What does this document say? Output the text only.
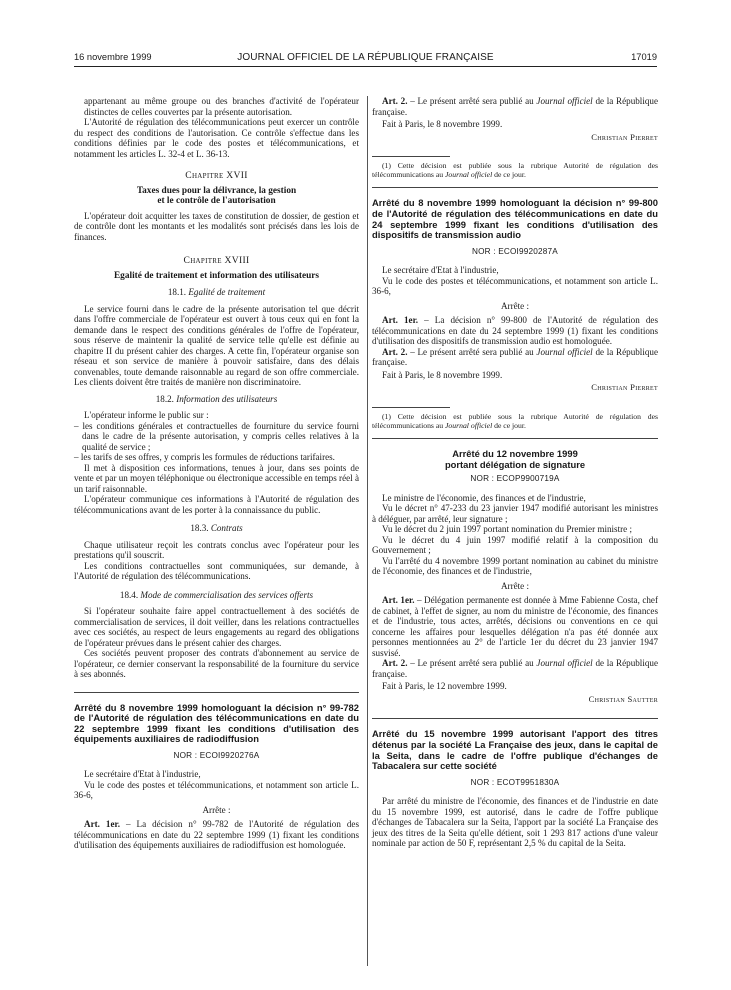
16 novembre 1999	JOURNAL OFFICIEL DE LA RÉPUBLIQUE FRANÇAISE	17019

appartenant au même groupe ou des branches d'activité de l'opérateur distinctes de celles couvertes par la présente autorisation.

L'Autorité de régulation des télécommunications peut exercer un contrôle du respect des conditions de l'autorisation. Ce contrôle s'effectue dans les conditions définies par le code des postes et télécommunications, et notamment les articles L. 32-4 et L. 36-13.

Chapitre XVII
Taxes dues pour la délivrance, la gestion
et le contrôle de l'autorisation

L'opérateur doit acquitter les taxes de constitution de dossier, de gestion et de contrôle dont les montants et les modalités sont précisés dans les lois de finances.

Chapitre XVIII
Egalité de traitement et information des utilisateurs
18.1. Egalité de traitement

Le service fourni dans le cadre de la présente autorisation tel que décrit dans l'offre commerciale de l'opérateur est ouvert à tous ceux qui en font la demande dans le respect des conditions générales de l'offre de l'opérateur, sous réserve de maintenir la qualité de service telle qu'elle est définie au chapitre II du présent cahier des charges. A cette fin, l'opérateur organise son réseau et son service de manière à pouvoir satisfaire, dans des délais convenables, toute demande raisonnable au regard de son offre commerciale. Les clients doivent être traités de manière non discriminatoire.

18.2. Information des utilisateurs

L'opérateur informe le public sur :

– les conditions générales et contractuelles de fourniture du service fourni dans le cadre de la présente autorisation, y compris celles relatives à la qualité de service ;

– les tarifs de ses offres, y compris les formules de réductions tarifaires.

Il met à disposition ces informations, tenues à jour, dans ses points de vente et par un moyen téléphonique ou électronique accessible en temps réel à un tarif raisonnable.

L'opérateur communique ces informations à l'Autorité de régulation des télécommunications avant de les porter à la connaissance du public.

18.3. Contrats

Chaque utilisateur reçoit les contrats conclus avec l'opérateur pour les prestations qu'il souscrit.

Les conditions contractuelles sont communiquées, sur demande, à l'Autorité de régulation des télécommunications.

18.4. Mode de commercialisation des services offerts

Si l'opérateur souhaite faire appel contractuellement à des sociétés de commercialisation de services, il doit veiller, dans les relations contractuelles avec ces sociétés, au respect de leurs engagements au regard des obligations de l'opérateur prévues dans le présent cahier des charges.

Ces sociétés peuvent proposer des contrats d'abonnement au service de l'opérateur, ce dernier conservant la responsabilité de la fourniture du service à ses abonnés.

Arrêté du 8 novembre 1999 homologuant la décision n° 99-782 de l'Autorité de régulation des télécommunications en date du 22 septembre 1999 fixant les conditions d'utilisation des équipements auxiliaires de radiodiffusion
NOR : ECOI9920276A

Le secrétaire d'Etat à l'industrie,

Vu le code des postes et télécommunications, et notamment son article L. 36-6,

Arrête :

Art. 1er. – La décision n° 99-782 de l'Autorité de régulation des télécommunications en date du 22 septembre 1999 (1) fixant les conditions d'utilisation des équipements auxiliaires de radiodiffusion est homologuée.

Art. 2. – Le présent arrêté sera publié au Journal officiel de la République française.

Fait à Paris, le 8 novembre 1999.

Christian Pierret

(1) Cette décision est publiée sous la rubrique Autorité de régulation des télécommunications au Journal officiel de ce jour.

Arrêté du 8 novembre 1999 homologuant la décision n° 99-800 de l'Autorité de régulation des télécommunications en date du 24 septembre 1999 fixant les conditions d'utilisation des dispositifs de transmission audio
NOR : ECOI9920287A

Le secrétaire d'Etat à l'industrie,

Vu le code des postes et télécommunications, et notamment son article L. 36-6,

Arrête :

Art. 1er. – La décision n° 99-800 de l'Autorité de régulation des télécommunications en date du 24 septembre 1999 (1) fixant les conditions d'utilisation des dispositifs de transmission audio est homologuée.

Art. 2. – Le présent arrêté sera publié au Journal officiel de la République française.

Fait à Paris, le 8 novembre 1999.

Christian Pierret

(1) Cette décision est publiée sous la rubrique Autorité de régulation des télécommunications au Journal officiel de ce jour.

Arrêté du 12 novembre 1999
portant délégation de signature
NOR : ECOP9900719A

Le ministre de l'économie, des finances et de l'industrie,

Vu le décret n° 47-233 du 23 janvier 1947 modifié autorisant les ministres à déléguer, par arrêté, leur signature ;

Vu le décret du 2 juin 1997 portant nomination du Premier ministre ;

Vu le décret du 4 juin 1997 modifié relatif à la composition du Gouvernement ;

Vu l'arrêté du 4 novembre 1999 portant nomination au cabinet du ministre de l'économie, des finances et de l'industrie,

Arrête :

Art. 1er. – Délégation permanente est donnée à Mme Fabienne Costa, chef de cabinet, à l'effet de signer, au nom du ministre de l'économie, des finances et de l'industrie, tous actes, arrêtés, décisions ou conventions en ce qui concerne les affaires pour lesquelles délégation n'a pas été donnée aux personnes mentionnées au 2° de l'article 1er du décret du 23 janvier 1947 susvisé.

Art. 2. – Le présent arrêté sera publié au Journal officiel de la République française.

Fait à Paris, le 12 novembre 1999.

Christian Sautter
Arrêté du 15 novembre 1999 autorisant l'apport des titres détenus par la société La Française des jeux, dans le capital de la Seita, dans le cadre de l'offre publique d'échanges de Tabacalera sur cette société
NOR : ECOT9951830A

Par arrêté du ministre de l'économie, des finances et de l'industrie en date du 15 novembre 1999, est autorisé, dans le cadre de l'offre publique d'échanges de Tabacalera sur la Seita, l'apport par la société La Française des jeux des titres de la Seita qu'elle détient, soit 1 293 817 actions d'une valeur nominale par action de 50 F, représentant 2,5 % du capital de la Seita.
